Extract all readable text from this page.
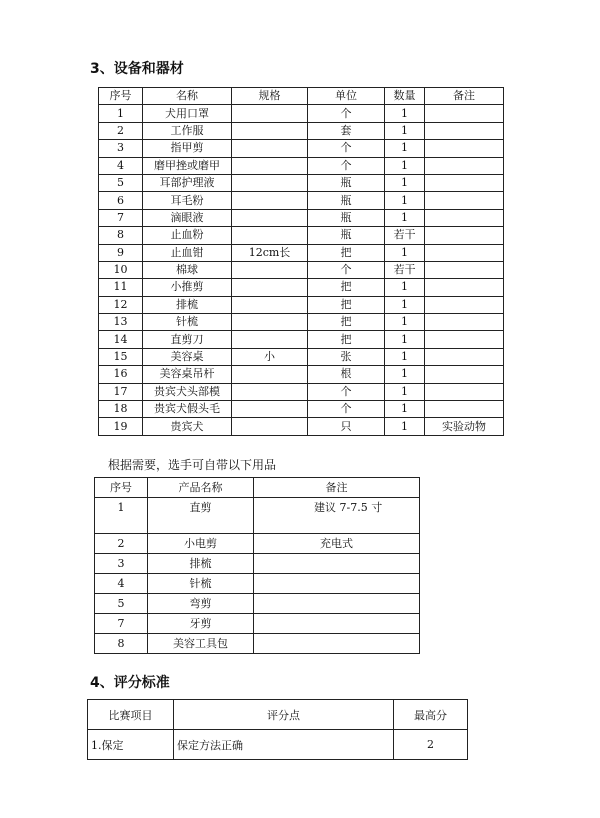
3、设备和器材
序号	名称	规格	单位	数量	备注
1	犬用口罩		个	1	
2	工作服		套	1	
3	指甲剪		个	1	
4	磨甲挫或磨甲		个	1	
5	耳部护理液		瓶	1	
6	耳毛粉		瓶	1	
7	滴眼液		瓶	1	
8	止血粉		瓶	若干	
9	止血钳	12cm长	把	1	
10	棉球		个	若干	
11	小推剪		把	1	
12	排梳		把	1	
13	针梳		把	1	
14	直剪刀		把	1	
15	美容桌	小	张	1	
16	美容桌吊杆		根	1	
17	贵宾犬头部模		个	1	
18	贵宾犬假头毛		个	1	
19	贵宾犬		只	1	实验动物
根据需要，选手可自带以下用品
序号	产品名称	备注
1	直剪	建议 7-7.5 寸
2	小电剪	充电式
3	排梳	
4	针梳	
5	弯剪	
7	牙剪	
8	美容工具包	
4、评分标准
比赛项目	评分点	最高分
1.保定	保定方法正确	2
